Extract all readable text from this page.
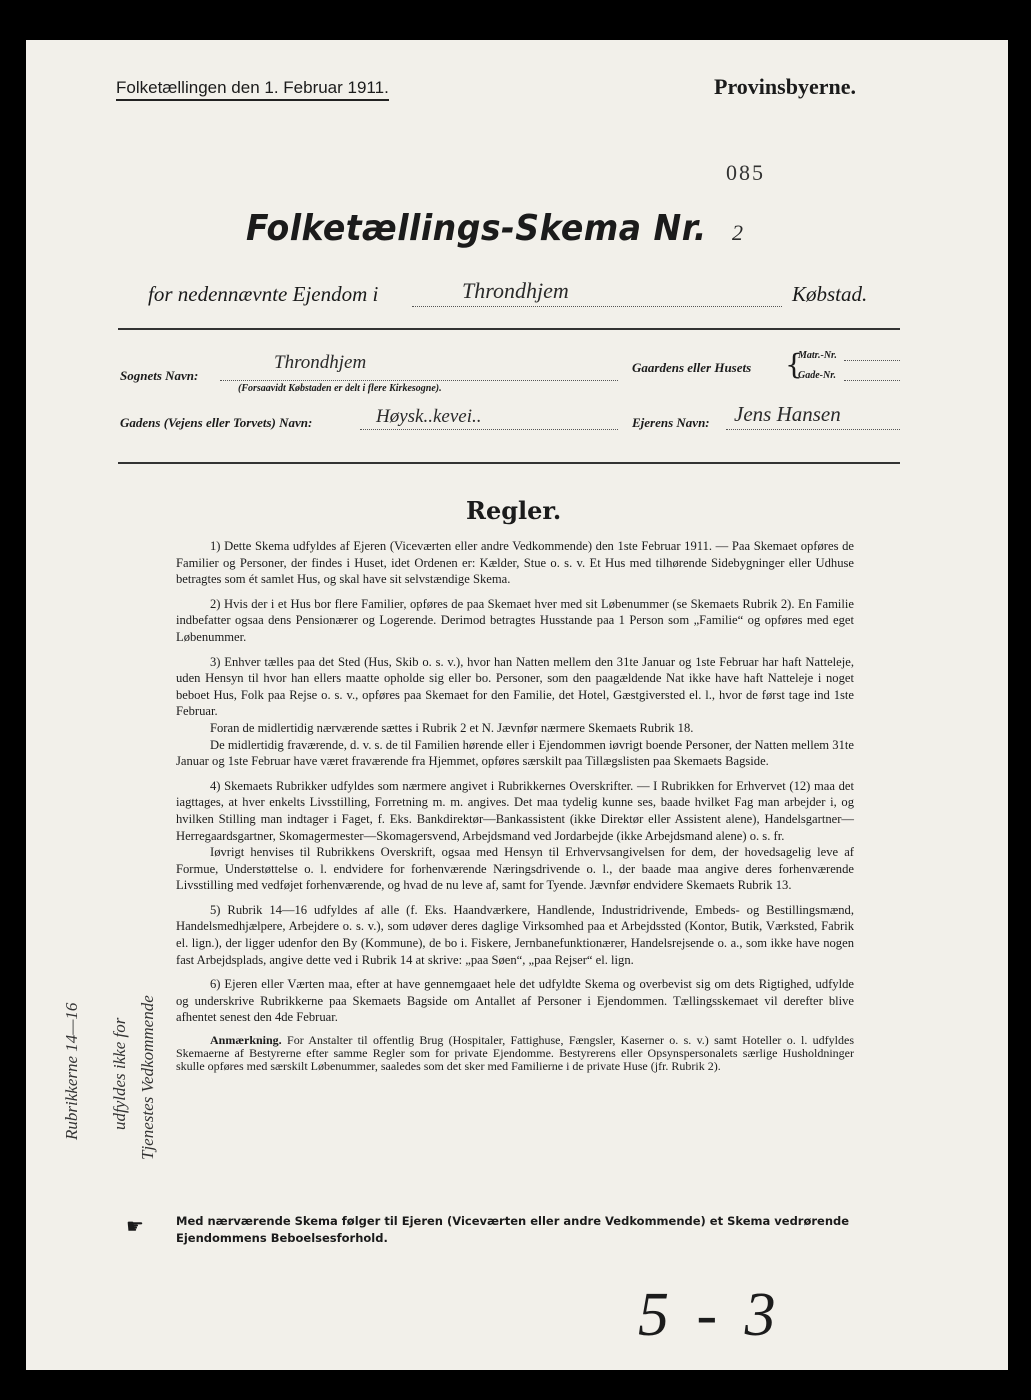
Folketællingen den 1. Februar 1911.	Provinsbyerne.
085
Folketællings-Skema Nr. 2
for nedennævnte Ejendom i	Throndhjem	Købstad.
Sognets Navn:
Throndhjem
(Forsaavidt Købstaden er delt i flere Kirkesogne).
Gaardens eller Husets {
Matr.-Nr.
Gade-Nr.
Gadens (Vejens eller Torvets) Navn:	Høysk..kevei..	Ejerens Navn: Jens Hansen
Regler.

1) Dette Skema udfyldes af Ejeren (Viceværten eller andre Vedkommende) den 1ste Februar 1911. — Paa Skemaet opføres de Familier og Personer, der findes i Huset, idet Ordenen er: Kælder, Stue o. s. v. Et Hus med tilhørende Sidebygninger eller Udhuse betragtes som ét samlet Hus, og skal have sit selvstændige Skema.

2) Hvis der i et Hus bor flere Familier, opføres de paa Skemaet hver med sit Løbenummer (se Skemaets Rubrik 2). En Familie indbefatter ogsaa dens Pensionærer og Logerende. Derimod betragtes Husstande paa 1 Person som „Familie“ og opføres med eget Løbenummer.

3) Enhver tælles paa det Sted (Hus, Skib o. s. v.), hvor han Natten mellem den 31te Januar og 1ste Februar har haft Natteleje, uden Hensyn til hvor han ellers maatte opholde sig eller bo. Personer, som den paagældende Nat ikke have haft Natteleje i noget beboet Hus, Folk paa Rejse o. s. v., opføres paa Skemaet for den Familie, det Hotel, Gæstgiversted el. l., hvor de først tage ind 1ste Februar.

Foran de midlertidig nærværende sættes i Rubrik 2 et N. Jævnfør nærmere Skemaets Rubrik 18.

De midlertidig fraværende, d. v. s. de til Familien hørende eller i Ejendommen iøvrigt boende Personer, der Natten mellem 31te Januar og 1ste Februar have været fraværende fra Hjemmet, opføres særskilt paa Tillægslisten paa Skemaets Bagside.

4) Skemaets Rubrikker udfyldes som nærmere angivet i Rubrikkernes Overskrifter. — I Rubrikken for Erhvervet (12) maa det iagttages, at hver enkelts Livsstilling, Forretning m. m. angives. Det maa tydelig kunne ses, baade hvilket Fag man arbejder i, og hvilken Stilling man indtager i Faget, f. Eks. Bankdirektør—Bankassistent (ikke Direktør eller Assistent alene), Handelsgartner—Herregaardsgartner, Skomagermester—Skomagersvend, Arbejdsmand ved Jordarbejde (ikke Arbejdsmand alene) o. s. fr.

Iøvrigt henvises til Rubrikkens Overskrift, ogsaa med Hensyn til Erhvervsangivelsen for dem, der hovedsagelig leve af Formue, Understøttelse o. l. endvidere for forhenværende Næringsdrivende o. l., der baade maa angive deres forhenværende Livsstilling med vedføjet forhenværende, og hvad de nu leve af, samt for Tyende. Jævnfør endvidere Skemaets Rubrik 13.

5) Rubrik 14—16 udfyldes af alle (f. Eks. Haandværkere, Handlende, Industridrivende, Embeds- og Bestillingsmænd, Handelsmedhjælpere, Arbejdere o. s. v.), som udøver deres daglige Virksomhed paa et Arbejdssted (Kontor, Butik, Værksted, Fabrik el. lign.), der ligger udenfor den By (Kommune), de bo i. Fiskere, Jernbanefunktionærer, Handelsrejsende o. a., som ikke have nogen fast Arbejdsplads, angive dette ved i Rubrik 14 at skrive: „paa Søen“, „paa Rejser“ el. lign.

6) Ejeren eller Værten maa, efter at have gennemgaaet hele det udfyldte Skema og overbevist sig om dets Rigtighed, udfylde og underskrive Rubrikkerne paa Skemaets Bagside om Antallet af Personer i Ejendommen. Tællingsskemaet vil derefter blive afhentet senest den 4de Februar.

Anmærkning. For Anstalter til offentlig Brug (Hospitaler, Fattighuse, Fængsler, Kaserner o. s. v.) samt Hoteller o. l. udfyldes Skemaerne af Bestyrerne efter samme Regler som for private Ejendomme. Bestyrerens eller Opsynspersonalets særlige Husholdninger skulle opføres med særskilt Løbenummer, saaledes som det sker med Familierne i de private Huse (jfr. Rubrik 2).

☛	Med nærværende Skema følger til Ejeren (Viceværten eller andre Vedkommende) et Skema vedrørende Ejendommens Beboelsesforhold.
Rubrikkerne 14—16 udfyldes ikke for Tjenestes Vedkommende
5 - 3
